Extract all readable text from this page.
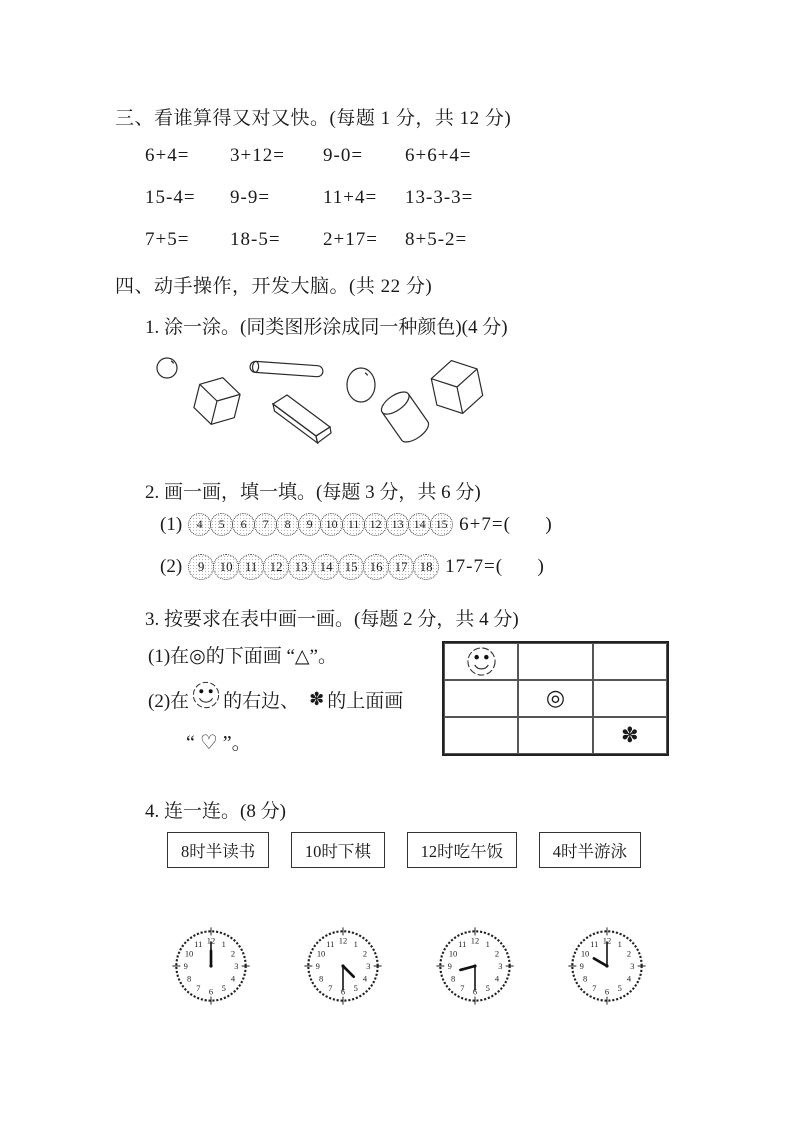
三、看谁算得又对又快。(每题 1 分，共 12 分)
6+4=	3+12=	9-0=	6+6+4=
15-4=	9-9=	11+4=	13-3-3=
7+5=	18-5=	2+17=	8+5-2=
四、动手操作，开发大脑。(共 22 分)
1. 涂一涂。(同类图形涂成同一种颜色)(4 分)
2. 画一画，填一填。(每题 3 分，共 6 分)
(1)	4	5	6	7	8	9	10 11 12 13 14 15 6+7=(      )
(2)	9	10 11 12 13 14 15 16 17 18 17-7=(      )
3. 按要求在表中画一画。(每题 2 分，共 4 分)
(1)在◎的下面画 “△”。
(2)在 的右边、 ✽ 的上面画
“ ♡ ”。
◎
✽
4. 连一连。(8 分)
8时半读书	10时下棋	12时吃午饭	4时半游泳
1
2
3
4
5
6
7
8
9
10
11 12	1
2
3
4
5
6
7
8
9
10
11 12	1
2
3
4
5
6
7
8
9
10
11 12	1
2
3
4
5
6
7
8
9
10
11 12
